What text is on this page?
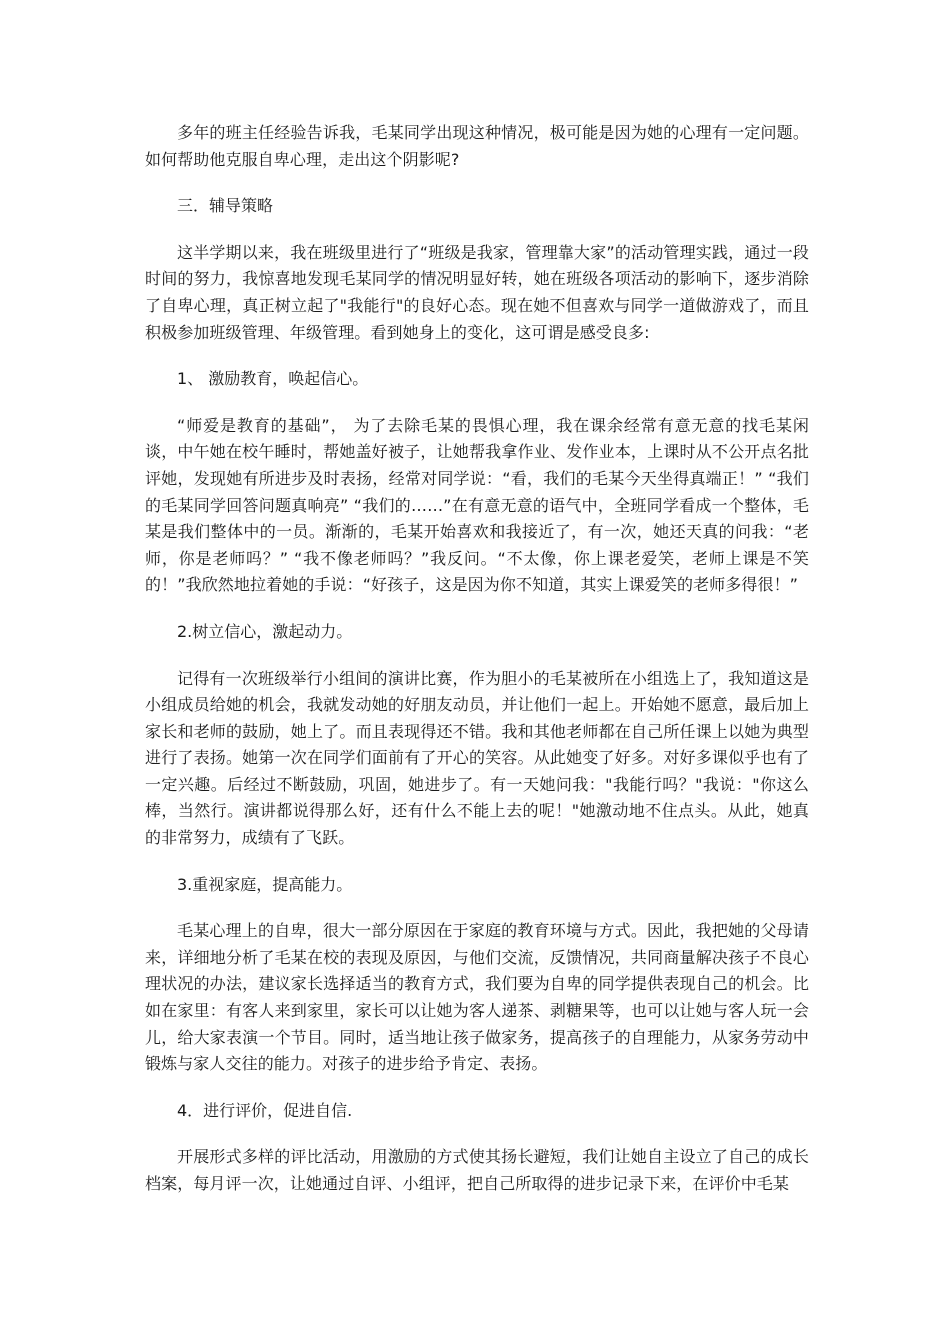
多年的班主任经验告诉我，毛某同学出现这种情况，极可能是因为她的心理有一定问题。如何帮助他克服自卑心理，走出这个阴影呢?

三．辅导策略

这半学期以来，我在班级里进行了“班级是我家，管理靠大家”的活动管理实践，通过一段时间的努力，我惊喜地发现毛某同学的情况明显好转，她在班级各项活动的影响下，逐步消除了自卑心理，真正树立起了"我能行"的良好心态。现在她不但喜欢与同学一道做游戏了，而且积极参加班级管理、年级管理。看到她身上的变化，这可谓是感受良多:

1、 激励教育，唤起信心。

“师爱是教育的基础”， 为了去除毛某的畏惧心理，我在课余经常有意无意的找毛某闲谈，中午她在校午睡时，帮她盖好被子，让她帮我拿作业、发作业本，上课时从不公开点名批评她，发现她有所进步及时表扬，经常对同学说：“看，我们的毛某今天坐得真端正！” “我们的毛某同学回答问题真响亮” “我们的……”在有意无意的语气中，全班同学看成一个整体，毛某是我们整体中的一员。渐渐的，毛某开始喜欢和我接近了，有一次，她还天真的问我：“老师，你是老师吗？” “我不像老师吗？”我反问。“不太像，你上课老爱笑，老师上课是不笑的！”我欣然地拉着她的手说：“好孩子，这是因为你不知道，其实上课爱笑的老师多得很！”

2.树立信心，激起动力。

记得有一次班级举行小组间的演讲比赛，作为胆小的毛某被所在小组选上了，我知道这是小组成员给她的机会，我就发动她的好朋友动员，并让他们一起上。开始她不愿意，最后加上家长和老师的鼓励，她上了。而且表现得还不错。我和其他老师都在自己所任课上以她为典型进行了表扬。她第一次在同学们面前有了开心的笑容。从此她变了好多。对好多课似乎也有了一定兴趣。后经过不断鼓励，巩固，她进步了。有一天她问我："我能行吗？"我说："你这么棒，当然行。演讲都说得那么好，还有什么不能上去的呢！"她激动地不住点头。从此，她真的非常努力，成绩有了飞跃。

3.重视家庭，提高能力。

毛某心理上的自卑，很大一部分原因在于家庭的教育环境与方式。因此，我把她的父母请来，详细地分析了毛某在校的表现及原因，与他们交流，反馈情况，共同商量解决孩子不良心理状况的办法，建议家长选择适当的教育方式，我们要为自卑的同学提供表现自己的机会。比如在家里：有客人来到家里，家长可以让她为客人递茶、剥糖果等，也可以让她与客人玩一会儿，给大家表演一个节目。同时，适当地让孩子做家务，提高孩子的自理能力，从家务劳动中锻炼与家人交往的能力。对孩子的进步给予肯定、表扬。

4．进行评价，促进自信.

开展形式多样的评比活动，用激励的方式使其扬长避短，我们让她自主设立了自己的成长档案，每月评一次，让她通过自评、小组评，把自己所取得的进步记录下来，在评价中毛某
